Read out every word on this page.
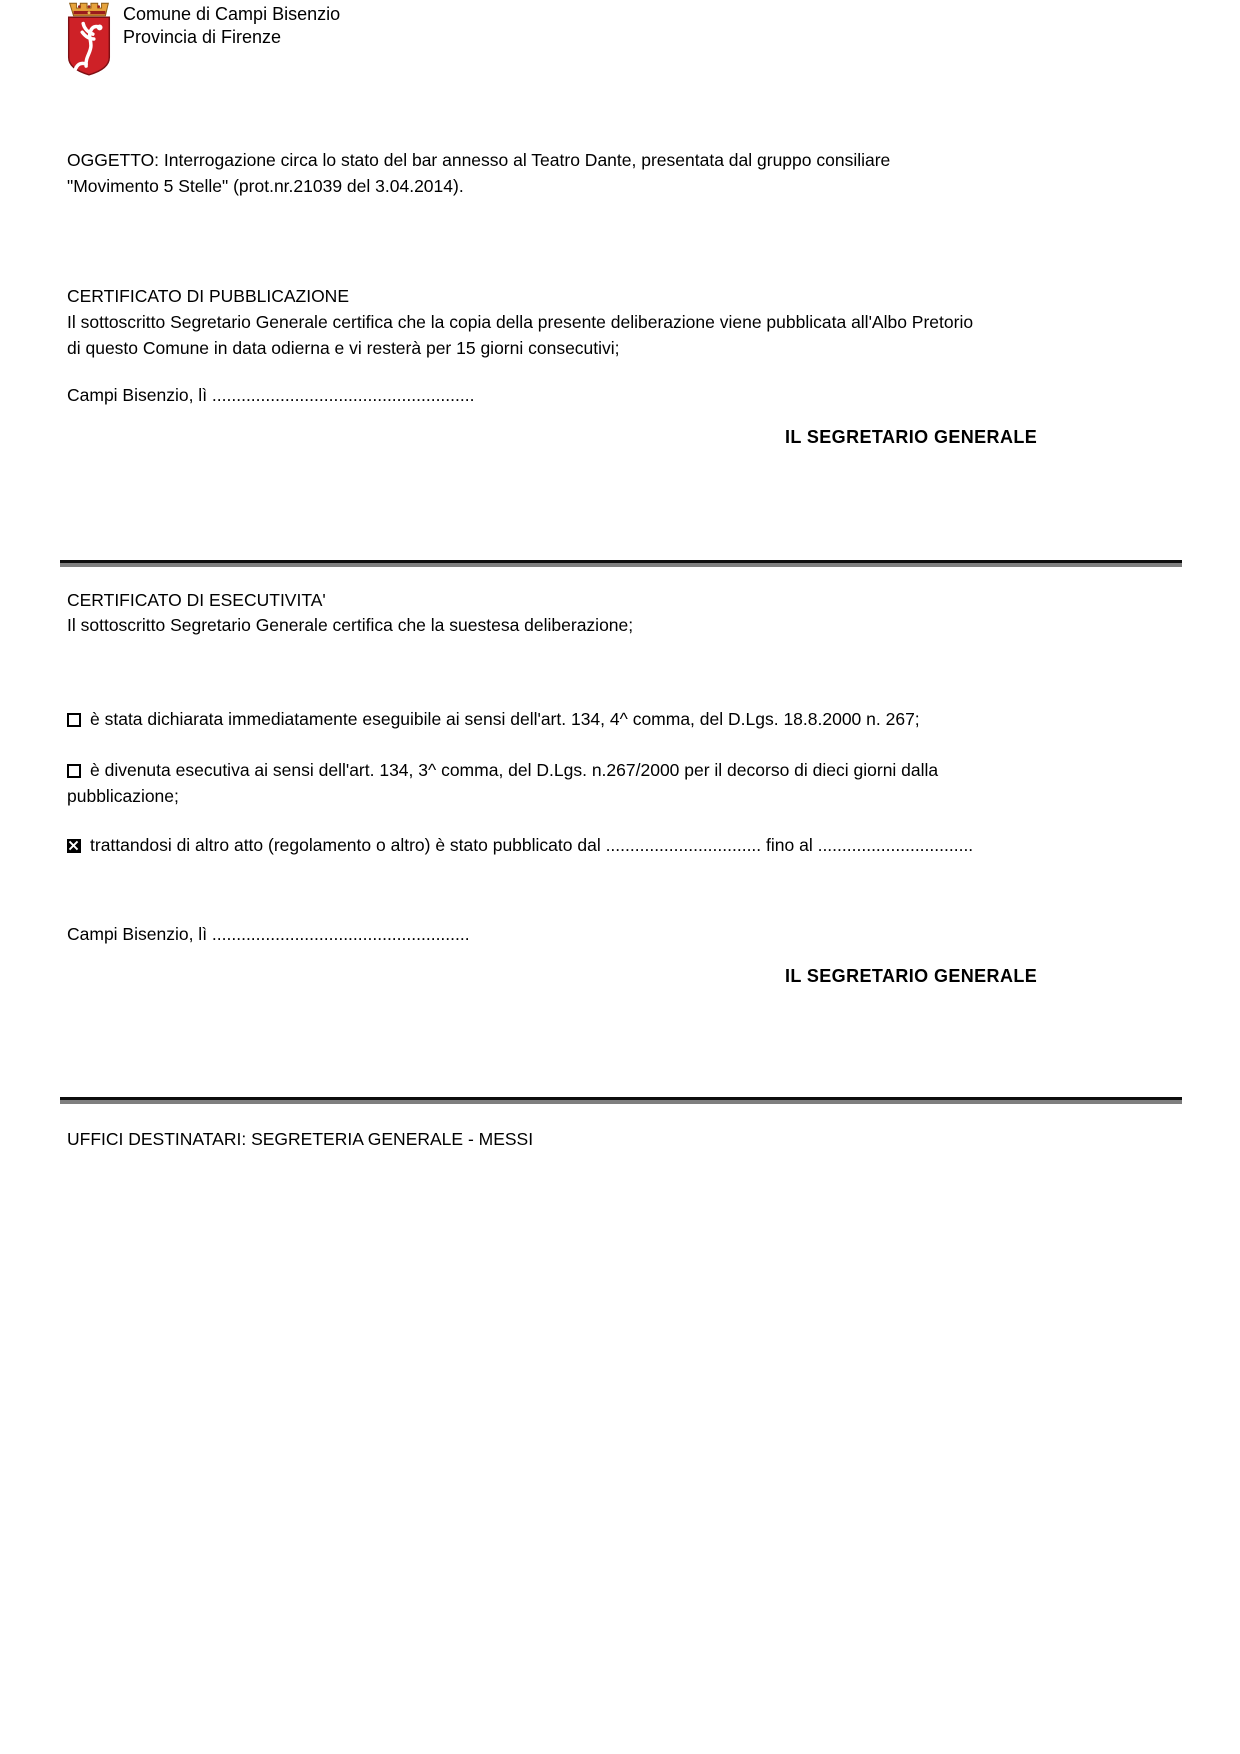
Comune di Campi Bisenzio
Provincia di Firenze
OGGETTO: Interrogazione circa lo stato del bar annesso al Teatro Dante, presentata dal gruppo consiliare
"Movimento 5 Stelle" (prot.nr.21039 del 3.04.2014).
CERTIFICATO DI PUBBLICAZIONE
Il sottoscritto Segretario Generale certifica che la copia della presente deliberazione viene pubblicata all'Albo Pretorio
di questo Comune in data odierna e vi resterà per 15 giorni consecutivi;
Campi Bisenzio, lì ......................................................
IL SEGRETARIO GENERALE
CERTIFICATO DI ESECUTIVITA'
Il sottoscritto Segretario Generale certifica che la suestesa deliberazione;
è stata dichiarata immediatamente eseguibile ai sensi dell'art. 134, 4^ comma, del D.Lgs. 18.8.2000 n. 267;
è divenuta esecutiva ai sensi dell'art. 134, 3^ comma, del D.Lgs. n.267/2000 per il decorso di dieci giorni dalla
pubblicazione;
trattandosi di altro atto (regolamento o altro) è stato pubblicato dal ................................ fino al ................................
Campi Bisenzio, lì .....................................................
IL SEGRETARIO GENERALE
UFFICI DESTINATARI: SEGRETERIA GENERALE - MESSI
